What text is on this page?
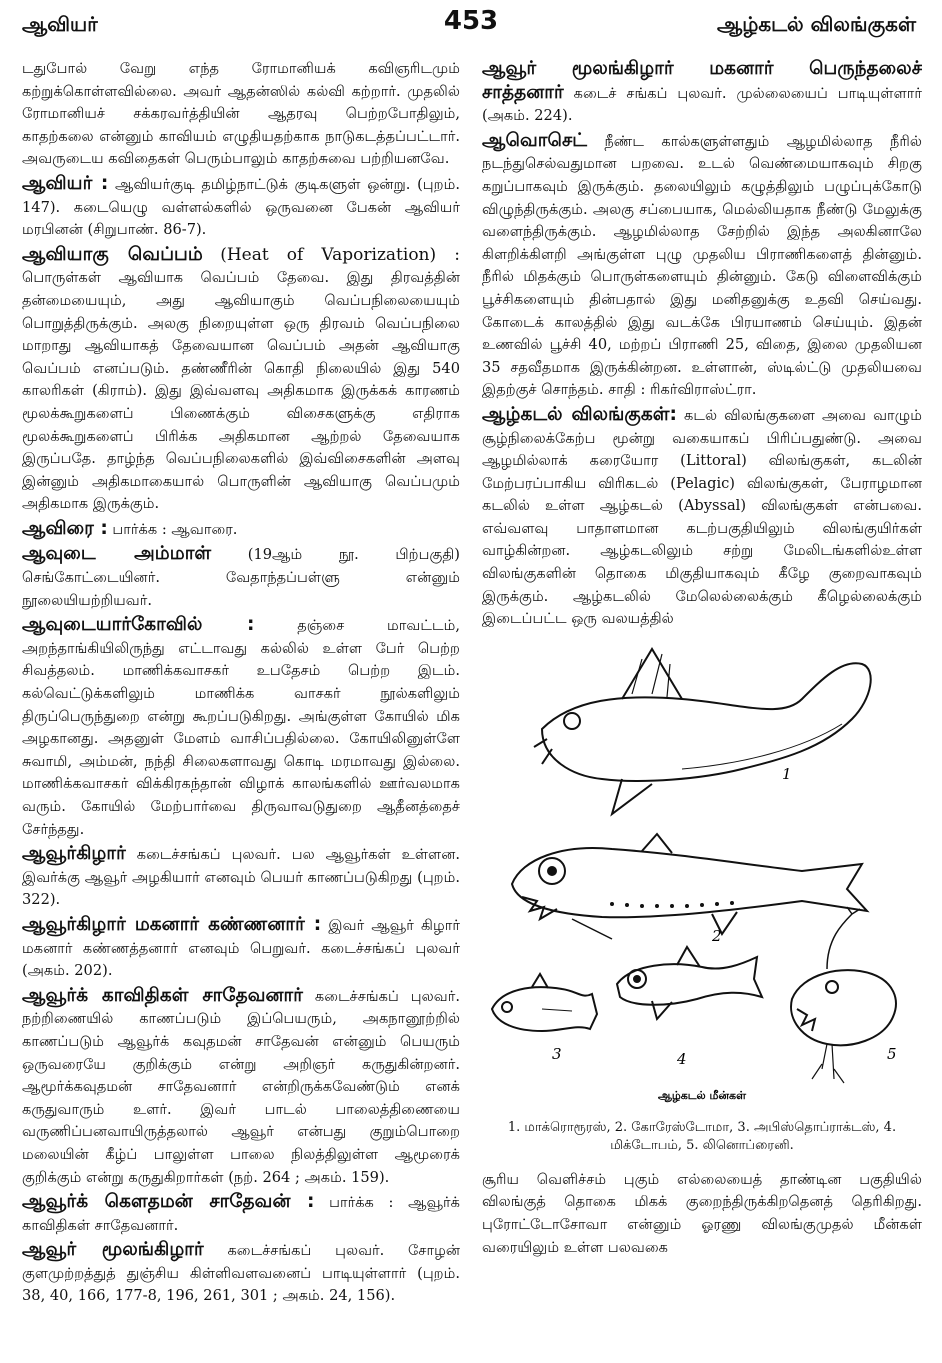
ஆவியர்	453	ஆழ்கடல் விலங்குகள்
டதுபோல் வேறு எந்த ரோமானியக் கவிஞரிடமும் கற்றுக்கொள்ளவில்லை. அவர் ஆதன்ஸில் கல்வி கற்றார். முதலில் ரோமானியச் சக்கரவர்த்தியின் ஆதரவு பெற்றபோதிலும், காதற்கலை என்னும் காவியம் எழுதியதற்காக நாடுகடத்தப்பட்டார். அவருடைய கவிதைகள் பெரும்பாலும் காதற்சுவை பற்றியனவே.
ஆவியர் : ஆவியர்குடி தமிழ்நாட்டுக் குடிகளுள் ஒன்று. (புறம். 147). கடையெழு வள்ளல்களில் ஒருவனை பேகன் ஆவியர் மரபினன் (சிறுபாண். 86-7).
ஆவியாகு வெப்பம் (Heat of Vaporization) : பொருள்கள் ஆவியாக வெப்பம் தேவை. இது திரவத்தின் தன்மையையும், அது ஆவியாகும் வெப்பநிலையையும் பொறுத்திருக்கும். அலகு நிறையுள்ள ஒரு திரவம் வெப்பநிலை மாறாது ஆவியாகத் தேவையான வெப்பம் அதன் ஆவியாகு வெப்பம் எனப்படும். தண்ணீரின் கொதி நிலையில் இது 540 காலரிகள் (கிராம்). இது இவ்வளவு அதிகமாக இருக்கக் காரணம் மூலக்கூறுகளைப் பிணைக்கும் விசைகளுக்கு எதிராக மூலக்கூறுகளைப் பிரிக்க அதிகமான ஆற்றல் தேவையாக இருப்பதே. தாழ்ந்த வெப்பநிலைகளில் இவ்விசைகளின் அளவு இன்னும் அதிகமாகையால் பொருளின் ஆவியாகு வெப்பமும் அதிகமாக இருக்கும்.
ஆவிரை : பார்க்க : ஆவாரை.
ஆவுடை அம்மாள்	(19ஆம் நூ. பிற்பகுதி) செங்கோட்டையினர். வேதாந்தப்பள்ளு என்னும் நூலையியற்றியவர்.
ஆவுடையார்கோவில் :	தஞ்சை மாவட்டம், அறந்தாங்கியிலிருந்து எட்டாவது கல்லில் உள்ள பேர் பெற்ற சிவத்தலம். மாணிக்கவாசகர் உபதேசம் பெற்ற இடம். கல்வெட்டுக்களிலும் மாணிக்க வாசகர் நூல்களிலும் திருப்பெருந்துறை என்று கூறப்படுகிறது. அங்குள்ள கோயில் மிக அழகானது. அதனுள் மேளம் வாசிப்பதில்லை. கோயிலினுள்ளே சுவாமி, அம்மன், நந்தி சிலைகளாவது கொடி மரமாவது இல்லை. மாணிக்கவாசகர் விக்கிரகந்தான் விழாக் காலங்களில் ஊர்வலமாக வரும். கோயில் மேற்பார்வை திருவாவடுதுறை ஆதீனத்தைச் சேர்ந்தது.
ஆவூர்கிழார் கடைச்சங்கப் புலவர். பல ஆவூர்கள் உள்ளன. இவர்க்கு ஆவூர் அழகியார் எனவும் பெயர் காணப்படுகிறது (புறம். 322).
ஆவூர்கிழார் மகனார் கண்ணனார் : இவர் ஆவூர் கிழார் மகனார் கண்ணத்தனார் எனவும் பெறுவர். கடைச்சங்கப் புலவர் (அகம். 202).
ஆவூர்க் காவிதிகள் சாதேவனார் கடைச்சங்கப் புலவர். நற்றிணையில் காணப்படும் இப்பெயரும், அகநானூற்றில் காணப்படும் ஆவூர்க் கவுதமன் சாதேவன் என்னும் பெயரும் ஒருவரையே குறிக்கும் என்று அறிஞர் கருதுகின்றனர். ஆமூர்க்கவுதமன் சாதேவனார் என்றிருக்கவேண்டும் எனக் கருதுவாரும் உளர். இவர் பாடல் பாலைத்திணையை வருணிப்பனவாயிருத்தலால் ஆவூர் என்பது குறும்பொறை மலையின் கீழ்ப் பாலுள்ள பாலை நிலத்திலுள்ள ஆமூரைக் குறிக்கும் என்று கருதுகிறார்கள் (நற். 264 ; அகம். 159).
ஆவூர்க் கௌதமன் சாதேவன் : பார்க்க : ஆவூர்க் காவிதிகள் சாதேவனார்.
ஆவூர் மூலங்கிழார் கடைச்சங்கப் புலவர். சோழன் குளமுற்றத்துத் துஞ்சிய கிள்ளிவளவனைப் பாடியுள்ளார் (புறம். 38, 40, 166, 177-8, 196, 261, 301 ; அகம். 24, 156).
ஆவூர் மூலங்கிழார் மகனார் பெருந்தலைச் சாத்தனார் கடைச் சங்கப் புலவர். முல்லையைப் பாடியுள்ளார் (அகம். 224).
ஆவொசெட் நீண்ட கால்களுள்ளதும் ஆழமில்லாத நீரில் நடந்துசெல்வதுமான பறவை. உடல் வெண்மையாகவும் சிறகு கறுப்பாகவும் இருக்கும். தலையிலும் கழுத்திலும் பழுப்புக்கோடு விழுந்திருக்கும். அலகு சப்பையாக, மெல்லியதாக நீண்டு மேலுக்கு வளைந்திருக்கும். ஆழமில்லாத சேற்றில் இந்த அலகினாலே கிளறிக்கிளறி அங்குள்ள புழு முதலிய பிராணிகளைத் தின்னும். நீரில் மிதக்கும் பொருள்களையும் தின்னும். கேடு விளைவிக்கும் பூச்சிகளையும் தின்பதால் இது மனிதனுக்கு உதவி செய்வது. கோடைக் காலத்தில் இது வடக்கே பிரயாணம் செய்யும். இதன் உணவில் பூச்சி 40, மற்றப் பிராணி 25, விதை, இலை முதலியன 35 சதவீதமாக இருக்கின்றன. உள்ளான், ஸ்டில்ட்டு முதலியவை இதற்குச் சொந்தம். சாதி : ரிகர்விராஸ்ட்ரா.
ஆழ்கடல் விலங்குகள்: கடல் விலங்குகளை அவை வாழும் சூழ்நிலைக்கேற்ப மூன்று வகையாகப் பிரிப்பதுண்டு. அவை ஆழமில்லாக் கரையோர (Littoral) விலங்குகள், கடலின் மேற்பரப்பாகிய விரிகடல் (Pelagic) விலங்குகள், பேராழமான கடலில் உள்ள ஆழ்கடல் (Abyssal) விலங்குகள் என்பவை. எவ்வளவு பாதாளமான கடற்பகுதியிலும் விலங்குயிர்கள் வாழ்கின்றன. ஆழ்கடலிலும் சற்று மேலிடங்களில்உள்ள விலங்குகளின் தொகை மிகுதியாகவும் கீழே குறைவாகவும் இருக்கும். ஆழ்கடலில் மேலெல்லைக்கும் கீழெல்லைக்கும் இடைப்பட்ட ஒரு வலயத்தில்
1
2
3	4	5
ஆழ்கடல் மீன்கள்
1. மாக்ரொரூரஸ், 2. கோரேஸ்டோமா, 3. அபிஸ்தொப்ராக்டஸ், 4. மிக்டோபம், 5. லினொப்ரைனி.
சூரிய வெளிச்சம் புகும் எல்லையைத் தாண்டின பகுதியில் விலங்குத் தொகை மிகக் குறைந்திருக்கிறதெனத் தெரிகிறது. புரோட்டோசோவா என்னும் ஓரணு விலங்குமுதல் மீன்கள் வரையிலும் உள்ள பலவகை
